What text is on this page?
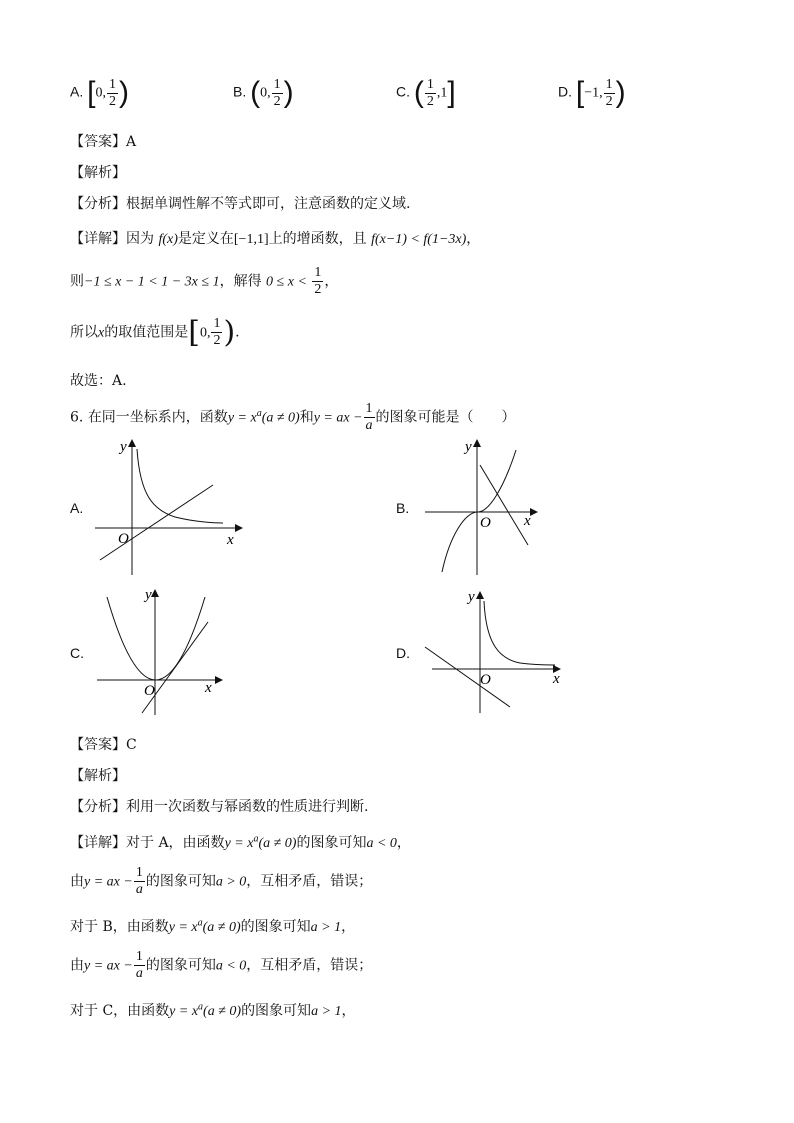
A. [0, $\frac{1}{2}$ )	B. (0, $\frac{1}{2}$ )	C. ( $\frac{1}{2} ,1$]	D. [−1, $\frac{1}{2}$ )
【答案】A
【解析】
【分析】根据单调性解不等式即可，注意函数的定义域.
【详解】因为 f(x)是定义在[−1,1]上的增函数，且 f(x−1) < f(1−3x)，
则−1 ≤ x − 1 < 1 − 3x ≤ 1，解得 $0 \le x < \frac{1}{2}$ ，
所以x的取值范围是[0, $\frac{1}{2}$ ).
故选：A.
6. 在同一坐标系内，函数$y = x^a(a \ne 0)$和y = ax − $\frac{1}{a}$ 的图象可能是（　　）
A.	B.
C.	D.
y
x
O
y
x
O
y
x
O
y
x
O
【答案】C
【解析】
【分析】利用一次函数与幂函数的性质进行判断.
【详解】对于 A，由函数$y = x^a(a \ne 0)$的图象可知a < 0，
由y = ax − $\frac{1}{a}$ 的图象可知a > 0，互相矛盾，错误；
对于 B，由函数$y = x^a(a \ne 0)$的图象可知a > 1，
由y = ax − $\frac{1}{a}$ 的图象可知a < 0，互相矛盾，错误；
对于 C，由函数$y = x^a(a \ne 0)$的图象可知a > 1，
